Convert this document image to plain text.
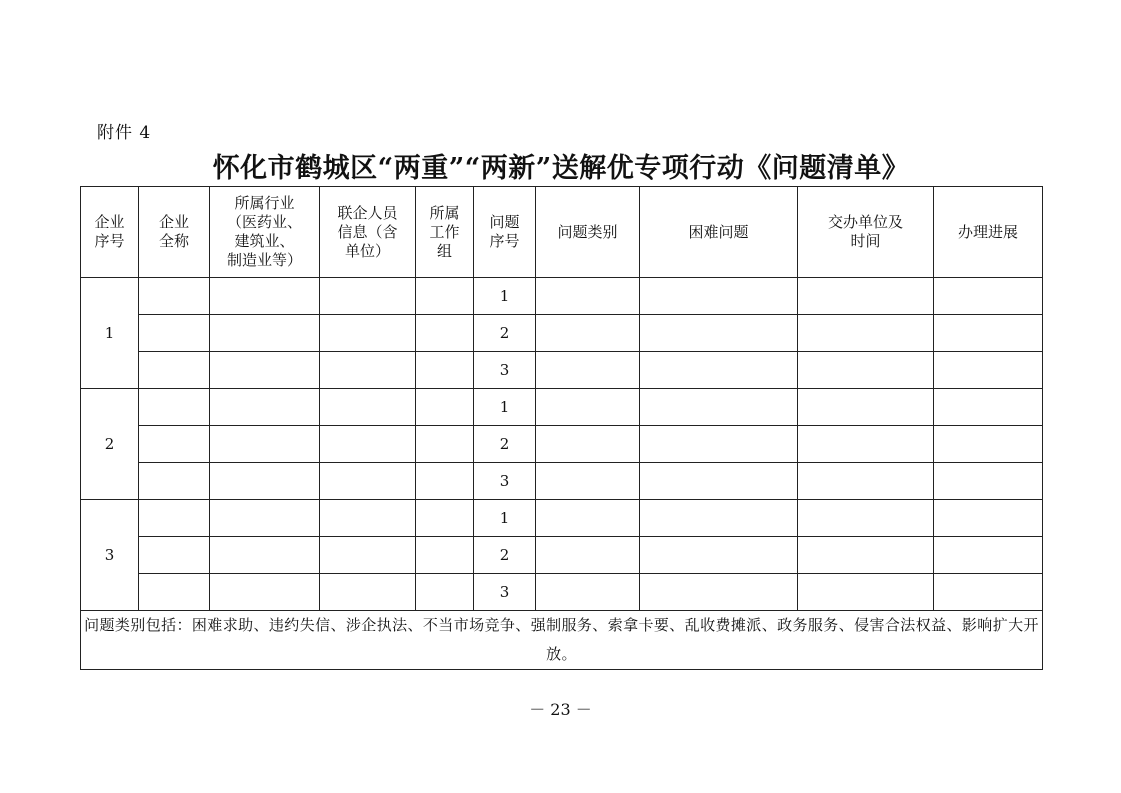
附件 4
怀化市鹤城区“两重”“两新”送解优专项行动《问题清单》
企业
序号	企业
全称	所属行业
（医药业、
建筑业、
制造业等）	联企人员
信息（含
单位）	所属
工作
组	问题
序号	问题类别	困难问题	交办单位及
时间	办理进展
1					1				
					2				
					3				
2					1				
					2				
					3				
3					1				
					2				
					3				
问题类别包括：困难求助、违约失信、涉企执法、不当市场竞争、强制服务、索拿卡要、乱收费摊派、政务服务、侵害合法权益、影响扩大开放。									
－ 23 －
